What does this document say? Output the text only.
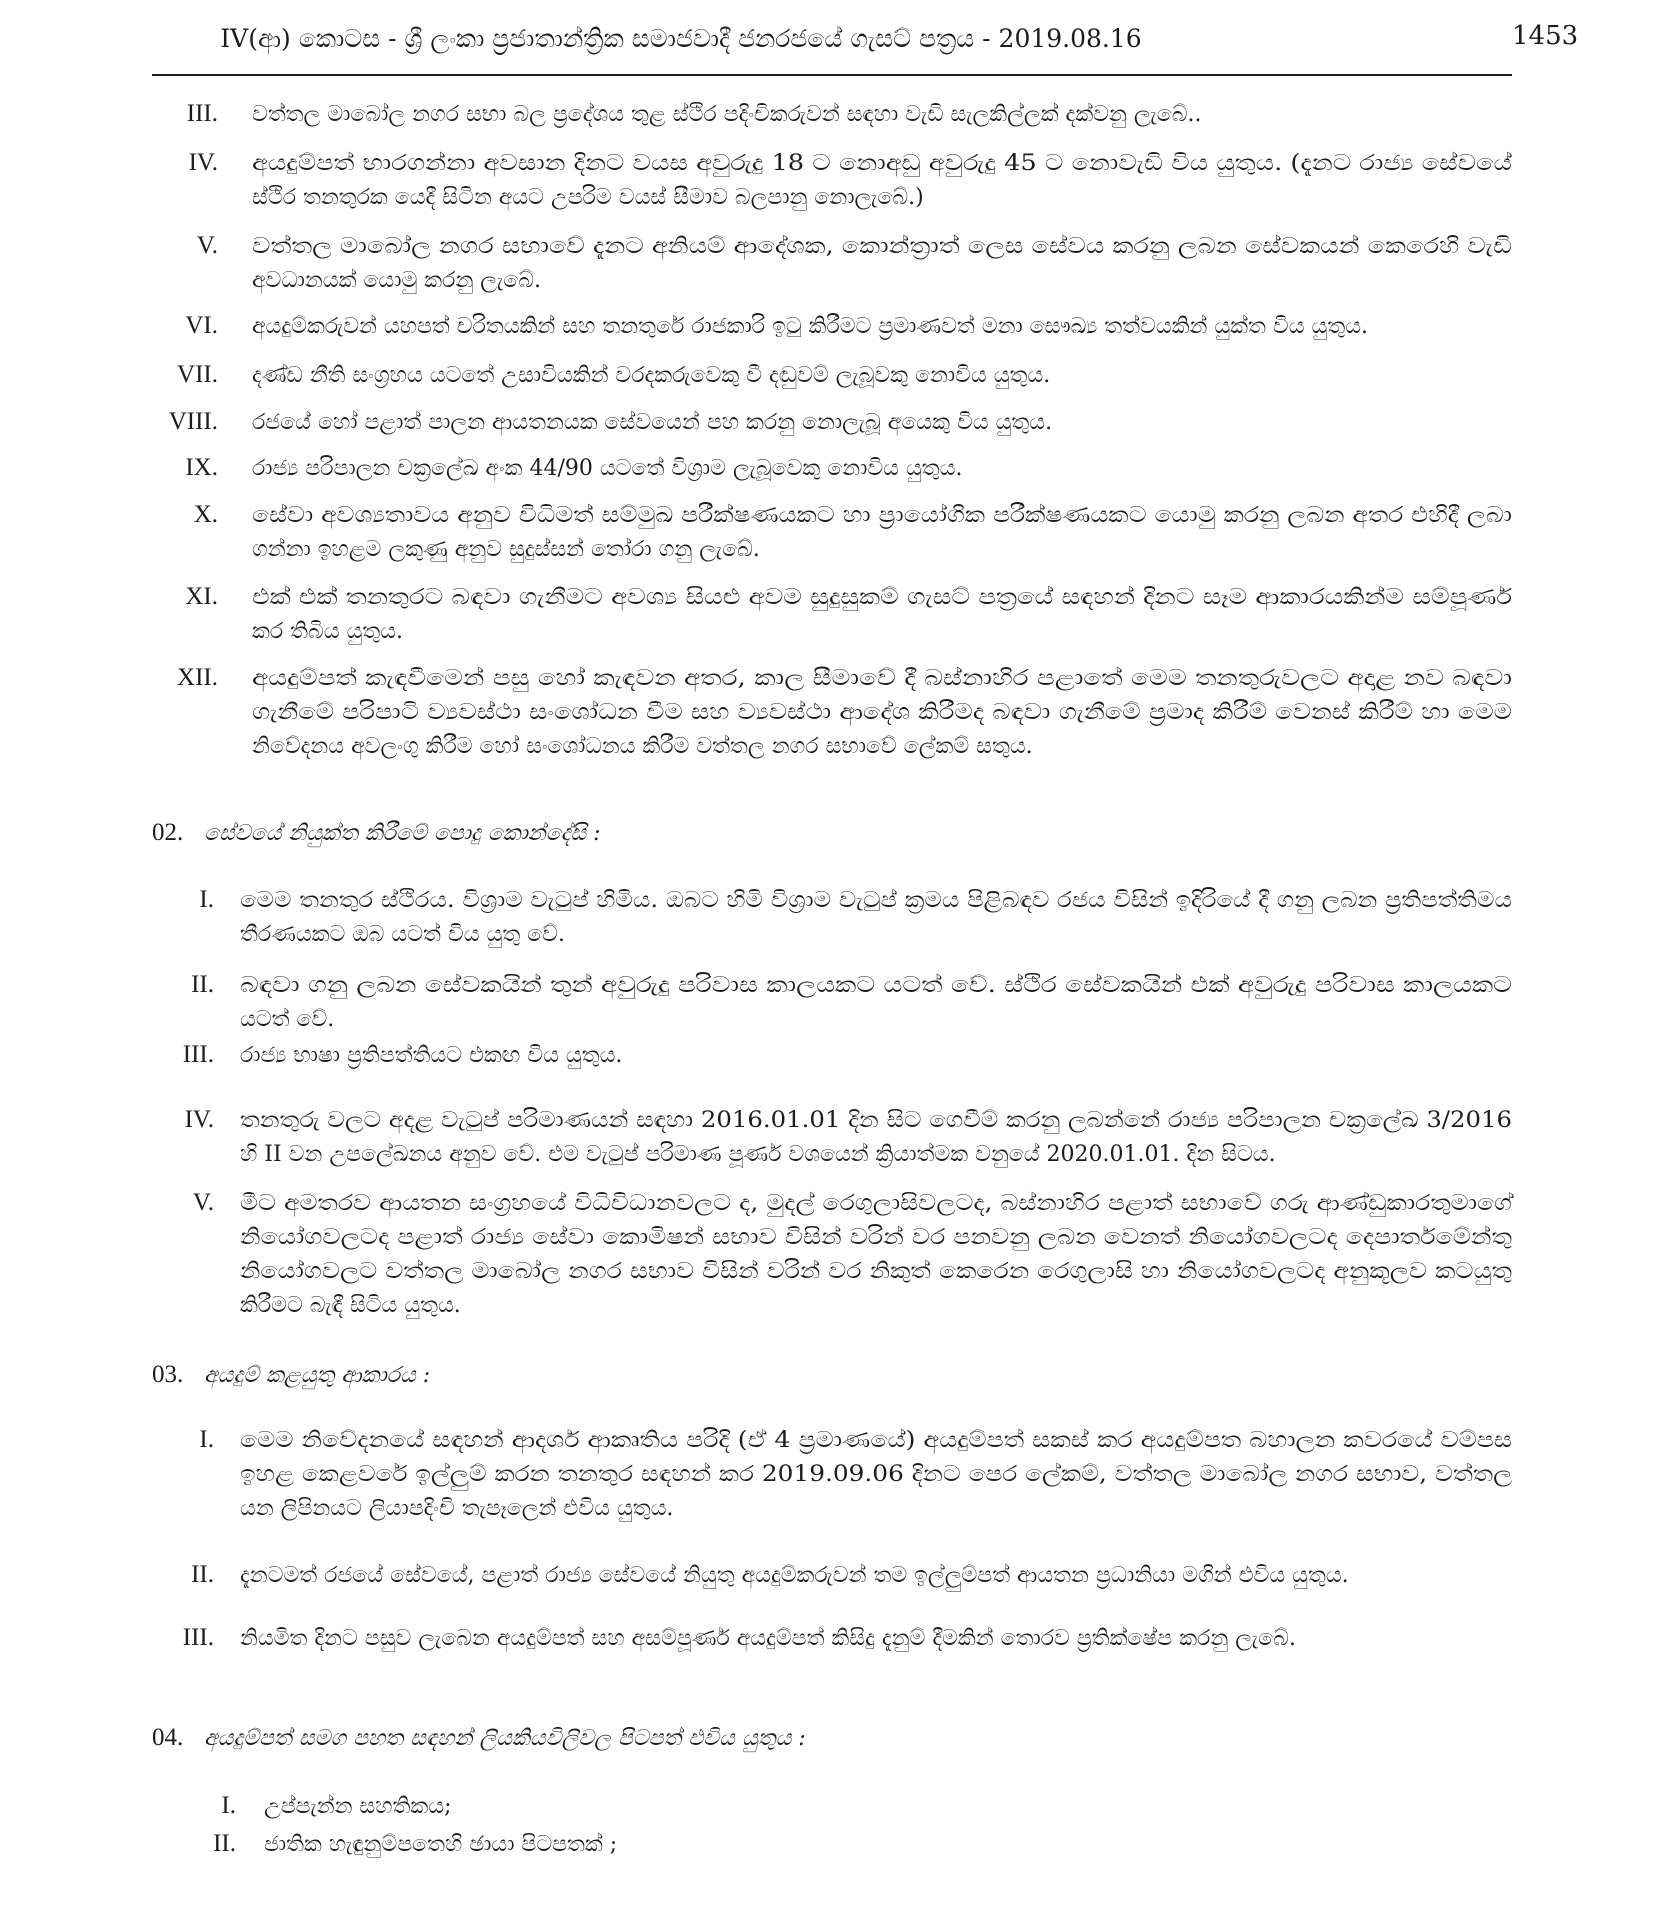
IV(ආ) කොටස - ශ්‍රී ලංකා ප්‍රජාතාන්ත්‍රික සමාජවාදී ජනරජයේ ගැසට් පත්‍රය - 2019.08.16	1453
III. වත්තල මාබෝල නගර සභා බල ප්‍රදේශය තුළ ස්ථිර පදිංචිකරුවන් සඳහා වැඩි සැලකිල්ලක් දක්වනු ලැබේ..
IV. අයදුම්පත් භාරගන්නා අවසාන දිනට වයස අවුරුදු 18 ට නොඅඩු අවුරුදු 45 ට නොවැඩි විය යුතුය. (දැනට රාජ්‍ය සේවයේ
ස්ථිර තනතුරක යෙදී සිටින අයට උපරිම වයස් සීමාව බලපානු නොලැබේ.)
V. වත්තල මාබෝල නගර සභාවේ දැනට අනියම් ආදේශක, කොන්ත්‍රාත් ලෙස සේවය කරනු ලබන සේවකයන් කෙරෙහි වැඩි
අවධානයක් යොමු කරනු ලැබේ.
VI. අයදුම්කරුවන් යහපත් චරිතයකින් සහ තනතුරේ රාජකාරි ඉටු කිරීමට ප්‍රමාණවත් මනා සෞඛ්‍ය තත්වයකින් යුක්ත විය යුතුය.
VII. දණ්ඩ නීති සංග්‍රහය යටතේ උසාවියකින් වරදකරුවෙකු වී දඬුවම් ලැබූවකු නොවිය යුතුය.
VIII. රජයේ හෝ පළාත් පාලන ආයතනයක සේවයෙන් පහ කරනු නොලැබූ අයෙකු විය යුතුය.
IX. රාජ්‍ය පරිපාලන චක්‍රලේඛ අංක 44/90 යටතේ විශ්‍රාම ලැබූවෙකු නොවිය යුතුය.
X. සේවා අවශ්‍යතාවය අනුව විධිමත් සම්මුඛ පරීක්ෂණයකට හා ප්‍රායෝගික පරීක්ෂණයකට යොමු කරනු ලබන අතර එහිදී ලබා
ගන්නා ඉහළම ලකුණු අනුව සුදුස්සන් තෝරා ගනු ලැබේ.
XI. එක් එක් තනතුරට බඳවා ගැනීමට අවශ්‍ය සියළු අවම සුදුසුකම් ගැසට් පත්‍රයේ සඳහන් දිනට සෑම ආකාරයකින්ම සම්පූර්ණ
කර තිබිය යුතුය.
XII. අයදුම්පත් කැඳවීමෙන් පසු හෝ කැඳවන අතර, කාල සීමාවේ දී බස්නාහිර පළාතේ මෙම තනතුරුවලට අදාළ නව බඳවා
ගැනීමේ පරිපාටි ව්‍යවස්ථා සංශෝධන වීම සහ ව්‍යවස්ථා ආදේශ කිරීමද බඳවා ගැනීමේ ප්‍රමාද කිරීම් වෙනස් කිරීම් හා මෙම
නිවේදනය අවලංගු කිරීම හෝ සංශෝධනය කිරීම වත්තල නගර සභාවේ ලේකම් සතුය.
02. සේවයේ නියුක්ත කිරීමේ පොදු කොන්දේසි :
I. මෙම තනතුර ස්ථිරය. විශ්‍රාම වැටුප් හිමිය. ඔබට හිමි විශ්‍රාම වැටුප් ක්‍රමය පිළිබඳව රජය විසින් ඉදිරියේ දී ගනු ලබන ප්‍රතිපත්තිමය
තීරණයකට ඔබ යටත් විය යුතු වේ.
II. බඳවා ගනු ලබන සේවකයින් තුන් අවුරුදු පරිවාස කාලයකට යටත් වේ. ස්ථිර සේවකයින් එක් අවුරුදු පරිවාස කාලයකට
යටත් වේ.
III. රාජ්‍ය භාෂා ප්‍රතිපත්තියට එකඟ විය යුතුය.
IV. තනතුරු වලට අදළ වැටුප් පරිමාණයන් සඳහා 2016.01.01 දින සිට ගෙවීම් කරනු ලබන්නේ රාජ්‍ය පරිපාලන චක්‍රලේඛ 3/2016
හි II වන උපලේඛනය අනුව වේ. එම වැටුප් පරිමාණ පූර්ණ වශයෙන් ක්‍රියාත්මක වනුයේ 2020.01.01. දින සිටය.
V. මීට අමතරව ආයතන සංග්‍රහයේ විධිවිධානවලට ද, මුදල් රෙගුලාසිවලටද, බස්නාහිර පළාත් සභාවේ ගරු ආණ්ඩුකාරතුමාගේ
නියෝගවලටද පළාත් රාජ්‍ය සේවා කොමිෂන් සභාව විසින් වරින් වර පනවනු ලබන වෙනත් නියෝගවලටද දෙපාර්තමේන්තු
නියෝගවලට වත්තල මාබෝල නගර සභාව විසින් වරින් වර නිකුත් කෙරෙන රෙගුලාසි හා නියෝගවලටද අනුකූලව කටයුතු
කිරීමට බැඳී සිටිය යුතුය.
03. අයදුම් කළයුතු ආකාරය :
I. මෙම නිවේදනයේ සඳහන් ආදර්ශ ආකෘතිය පරිදි (ඒ 4 ප්‍රමාණයේ) අයදුම්පත් සකස් කර අයදුම්පත බහාලන කවරයේ වම්පස
ඉහළ කෙළවරේ ඉල්ලුම් කරන තනතුර සඳහන් කර 2019.09.06 දිනට පෙර ලේකම්, වත්තල මාබෝල නගර සභාව, වත්තල
යන ලිපිනයට ලියාපදිංචි තැපෑලෙන් එවිය යුතුය.
II. දැනටමත් රජයේ සේවයේ, පළාත් රාජ්‍ය සේවයේ නියුතු අයදුම්කරුවන් තම ඉල්ලුම්පත් ආයතන ප්‍රධානියා මගින් එවිය යුතුය.
III. නියමිත දිනට පසුව ලැබෙන අයදුම්පත් සහ අසම්පූර්ණ අයදුම්පත් කිසිදු දැනුම් දීමකින් තොරව ප්‍රතික්ෂේප කරනු ලැබේ.
04. අයදුම්පත් සමග පහත සඳහන් ලියකියවිලිවල පිටපත් එවිය යුතුය :
I. උප්පැන්න සහතිකය;
II. ජාතික හැඳුනුම්පතෙහි ඡායා පිටපතක් ;
